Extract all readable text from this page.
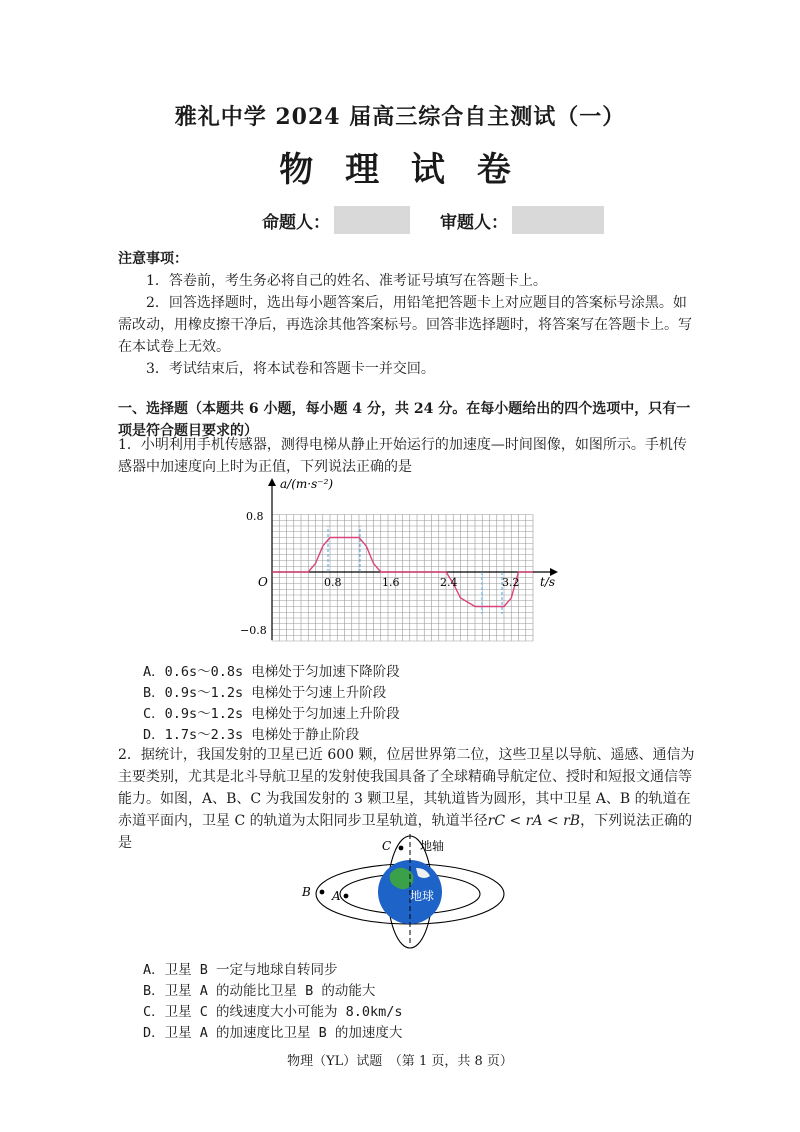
雅礼中学 2024 届高三综合自主测试（一）
物 理 试 卷
命题人：	审题人：
注意事项：
1．答卷前，考生务必将自己的姓名、准考证号填写在答题卡上。
2．回答选择题时，选出每小题答案后，用铅笔把答题卡上对应题目的答案标号涂黑。如需改动，用橡皮擦干净后，再选涂其他答案标号。回答非选择题时，将答案写在答题卡上。写在本试卷上无效。
3．考试结束后，将本试卷和答题卡一并交回。
一、选择题（本题共 6 小题，每小题 4 分，共 24 分。在每小题给出的四个选项中，只有一项是符合题目要求的）
1．小明利用手机传感器，测得电梯从静止开始运行的加速度—时间图像，如图所示。手机传感器中加速度向上时为正值，下列说法正确的是
a/(m·s⁻²)
t/s
O	0.8	1.6	2.4	3.2
0.8
−0.8
A．0.6s～0.8s 电梯处于匀加速下降阶段
B．0.9s～1.2s 电梯处于匀速上升阶段
C．0.9s～1.2s 电梯处于匀加速上升阶段
D．1.7s～2.3s 电梯处于静止阶段
2．据统计，我国发射的卫星已近 600 颗，位居世界第二位，这些卫星以导航、遥感、通信为主要类别，尤其是北斗导航卫星的发射使我国具备了全球精确导航定位、授时和短报文通信等能力。如图，A、B、C 为我国发射的 3 颗卫星，其轨道皆为圆形，其中卫星 A、B 的轨道在赤道平面内，卫星 C 的轨道为太阳同步卫星轨道，轨道半径rC < rA < rB，下列说法正确的是	C
B A
地轴
地球
A．卫星 B 一定与地球自转同步
B．卫星 A 的动能比卫星 B 的动能大
C．卫星 C 的线速度大小可能为 8.0km/s
D．卫星 A 的加速度比卫星 B 的加速度大
物理（YL）试题　（第 1 页，共 8 页）
